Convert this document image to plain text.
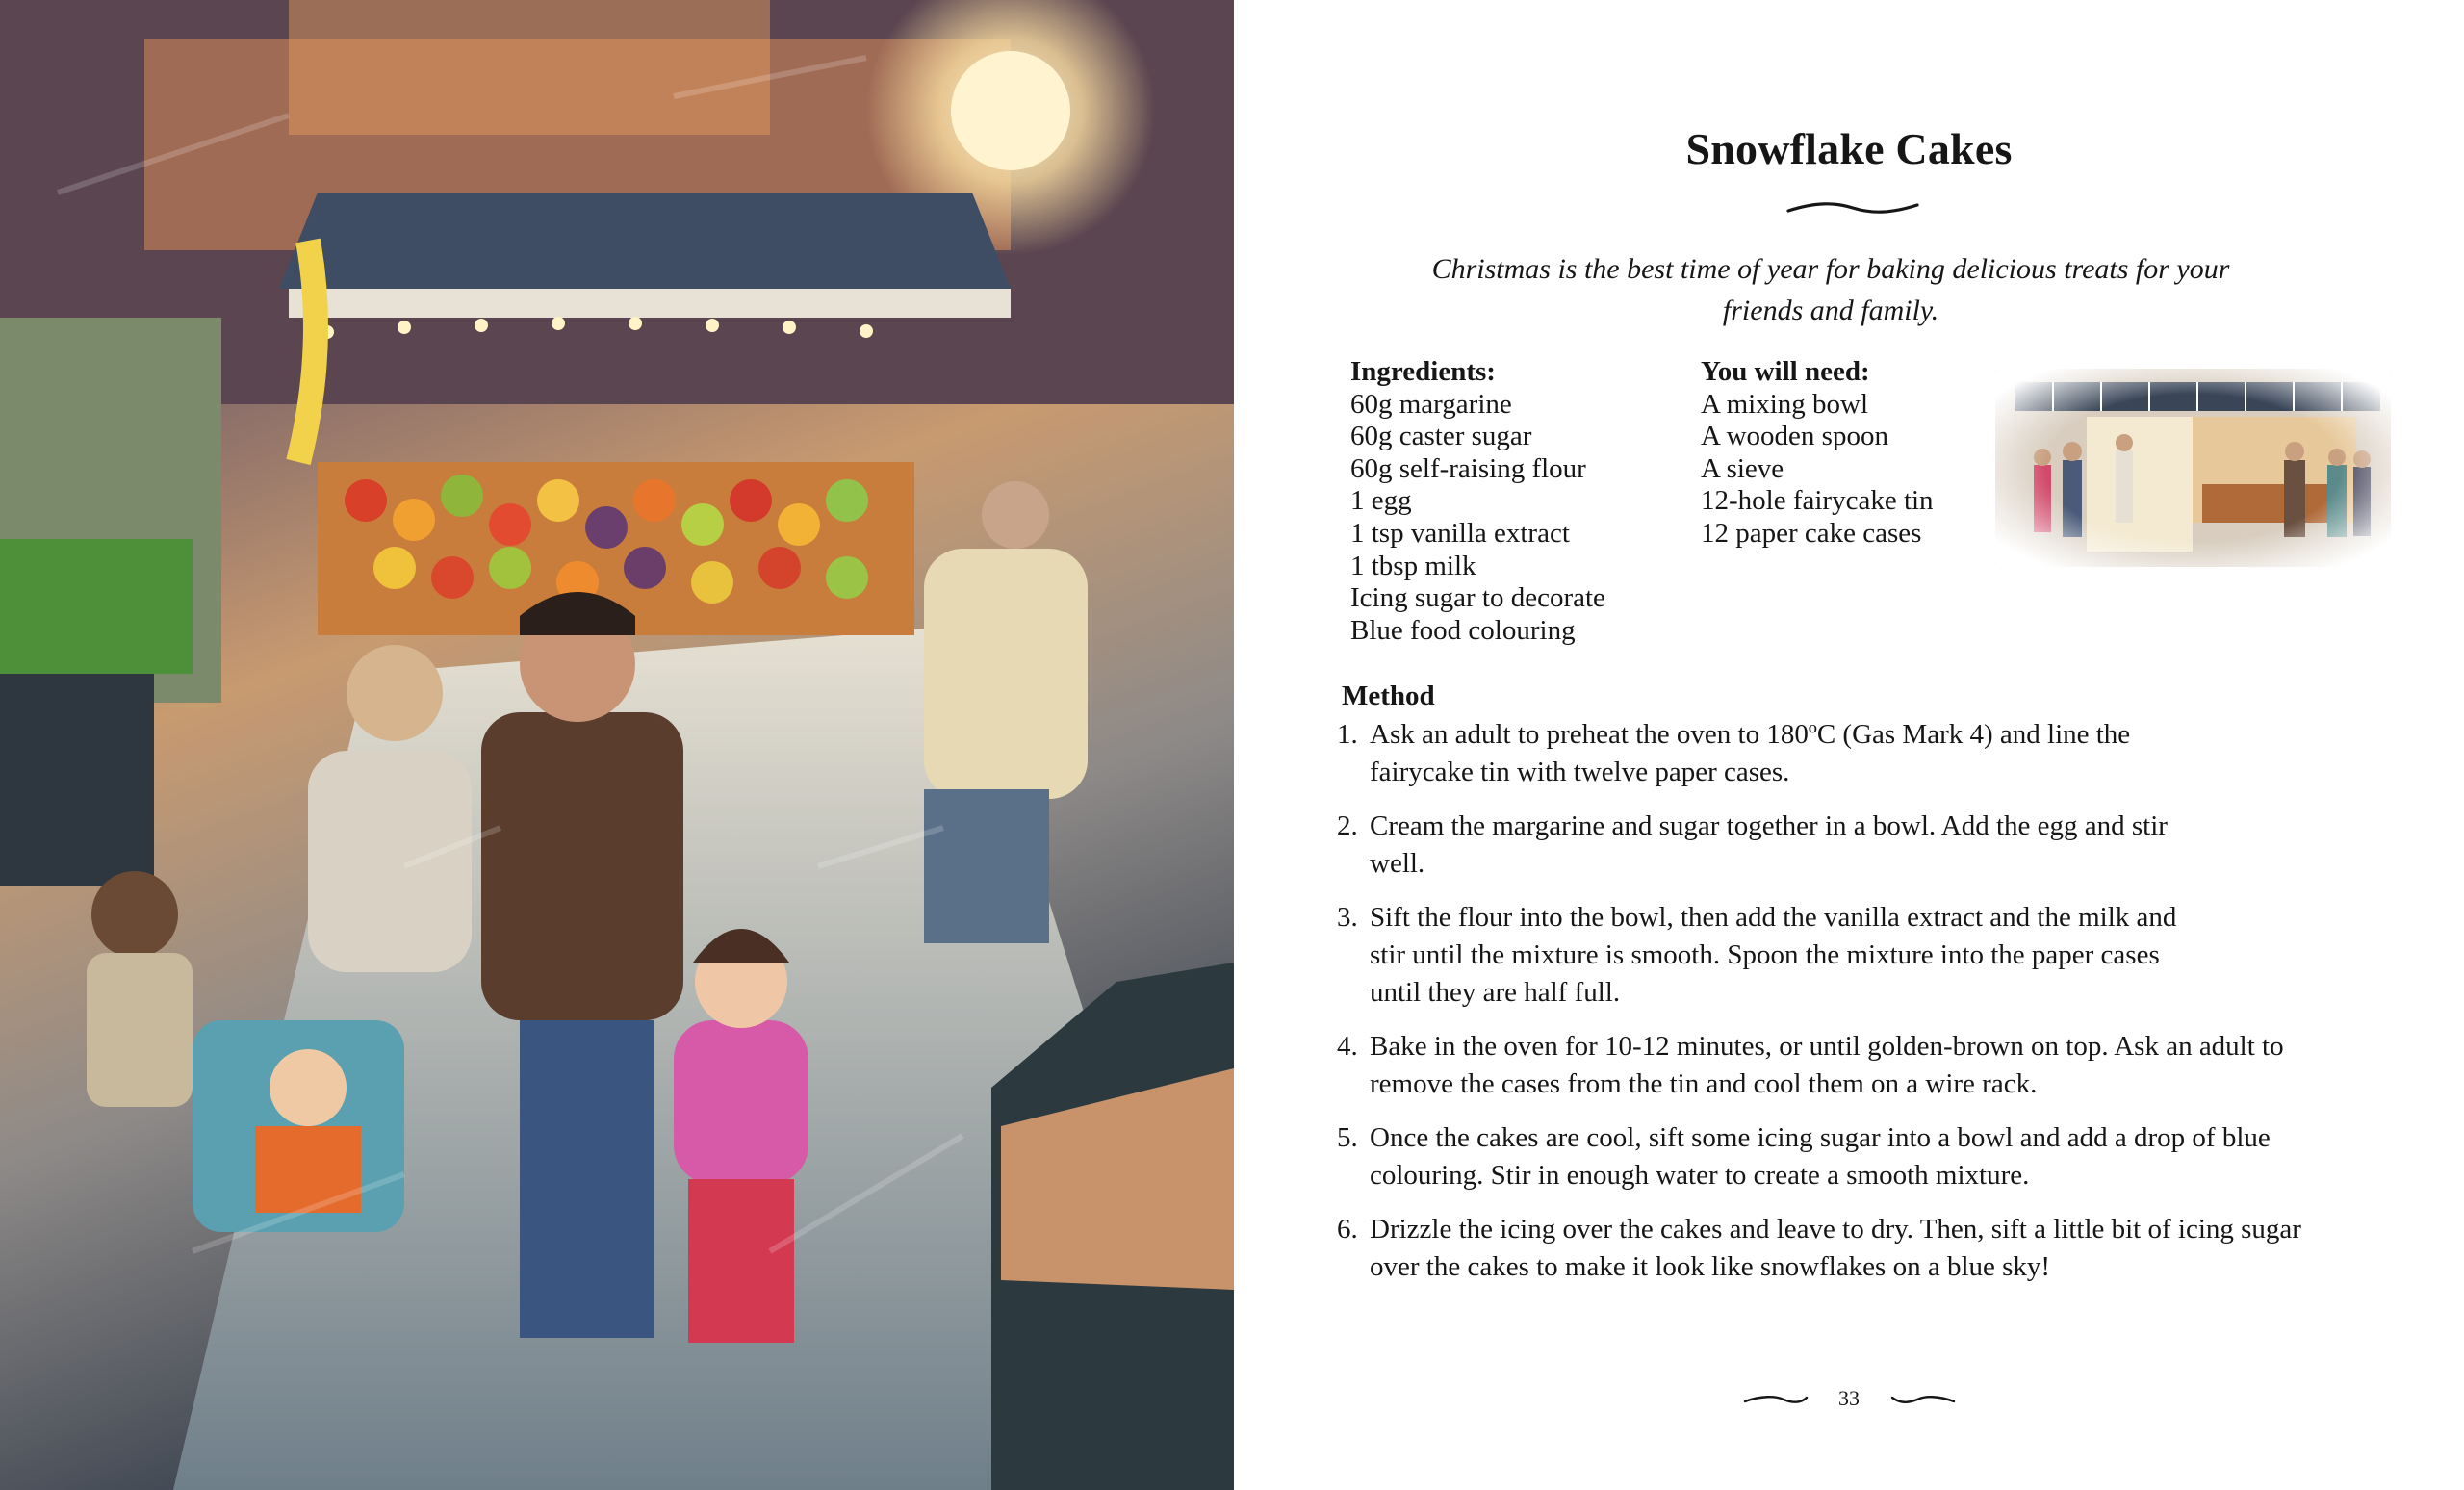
Snowflake Cakes

Christmas is the best time of year for baking delicious treats for your friends and family.

Ingredients:
60g margarine
60g caster sugar
60g self-raising flour
1 egg
1 tsp vanilla extract
1 tbsp milk
Icing sugar to decorate
Blue food colouring
You will need:
A mixing bowl
A wooden spoon
A sieve
12-hole fairycake tin
12 paper cake cases
Method
1. Ask an adult to preheat the oven to 180ºC (Gas Mark 4) and line the fairycake tin with twelve paper cases.
2. Cream the margarine and sugar together in a bowl. Add the egg and stir well.
3. Sift the flour into the bowl, then add the vanilla extract and the milk and stir until the mixture is smooth. Spoon the mixture into the paper cases until they are half full.
4. Bake in the oven for 10-12 minutes, or until golden-brown on top. Ask an adult to remove the cases from the tin and cool them on a wire rack.
5. Once the cakes are cool, sift some icing sugar into a bowl and add a drop of blue colouring. Stir in enough water to create a smooth mixture.
6. Drizzle the icing over the cakes and leave to dry. Then, sift a little bit of icing sugar over the cakes to make it look like snowflakes on a blue sky!
33
